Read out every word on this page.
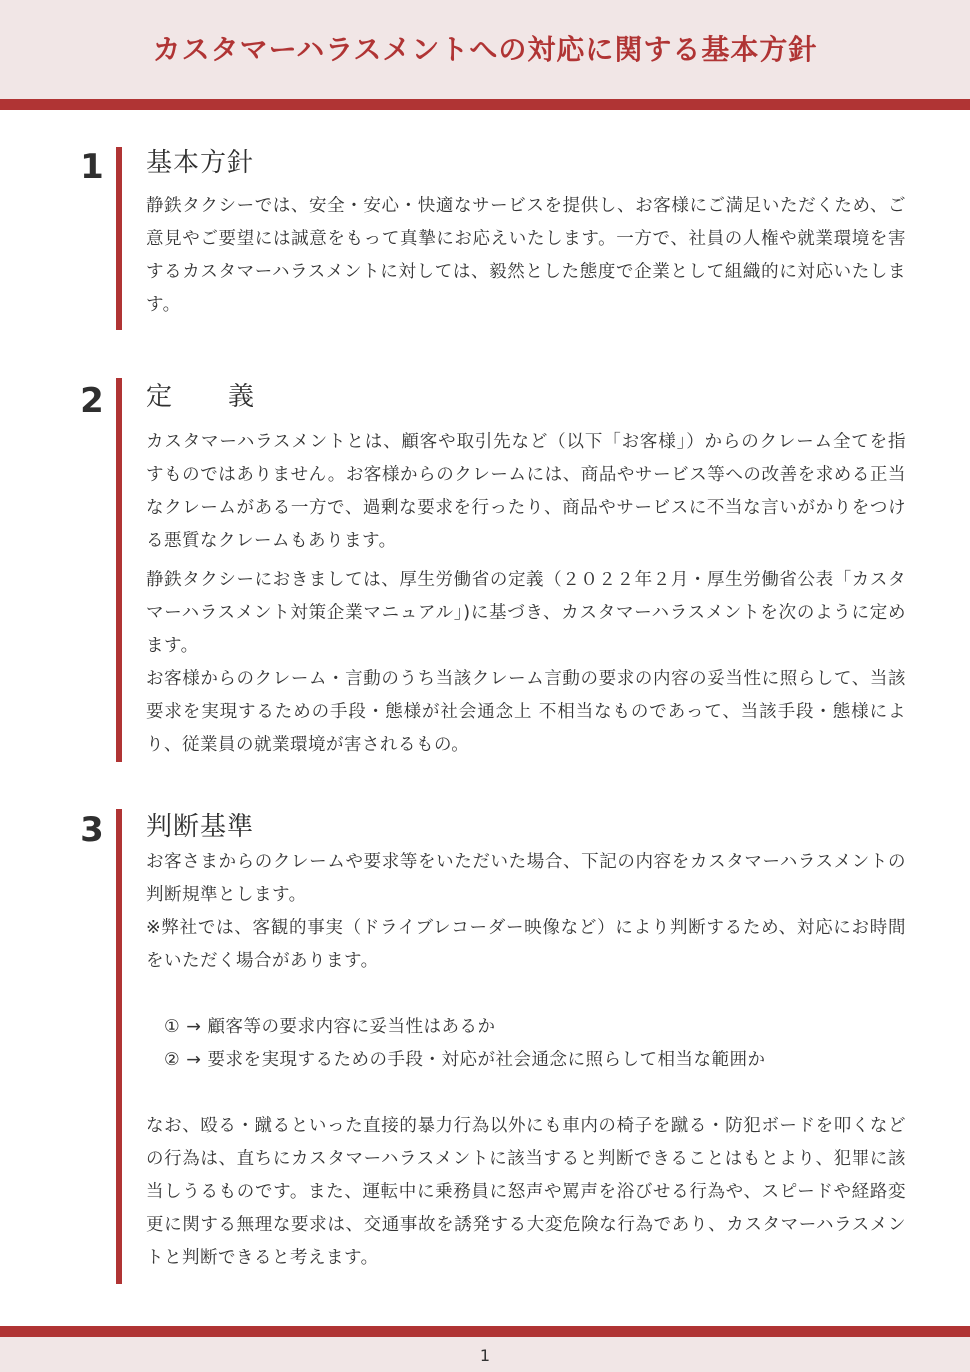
カスタマーハラスメントへの対応に関する基本方針
1	基本方針

静鉄タクシーでは、安全・安心・快適なサービスを提供し、お客様にご満足いただくため、ご意見やご要望には誠意をもって真摯にお応えいたします。一方で、社員の人権や就業環境を害するカスタマーハラスメントに対しては、毅然とした態度で企業として組織的に対応いたします。

2	定義

カスタマーハラスメントとは、顧客や取引先など（以下「お客様」）からのクレーム全てを指すものではありません。お客様からのクレームには、商品やサービス等への改善を求める正当なクレームがある一方で、過剰な要求を行ったり、商品やサービスに不当な言いがかりをつける悪質なクレームもあります。

静鉄タクシーにおきましては、厚生労働省の定義（２０２２年２月・厚生労働省公表「カスタマーハラスメント対策企業マニュアル」)に基づき、カスタマーハラスメントを次のように定めます。

お客様からのクレーム・言動のうち当該クレーム言動の要求の内容の妥当性に照らして、当該要求を実現するための手段・態様が社会通念上 不相当なものであって、当該手段・態様により、従業員の就業環境が害されるもの。

3	判断基準

お客さまからのクレームや要求等をいただいた場合、下記の内容をカスタマーハラスメントの判断規準とします。

※弊社では、客観的事実（ドライブレコーダー映像など）により判断するため、対応にお時間をいただく場合があります。

① → 顧客等の要求内容に妥当性はあるか
② → 要求を実現するための手段・対応が社会通念に照らして相当な範囲か

なお、殴る・蹴るといった直接的暴力行為以外にも車内の椅子を蹴る・防犯ボードを叩くなどの行為は、直ちにカスタマーハラスメントに該当すると判断できることはもとより、犯罪に該当しうるものです。また、運転中に乗務員に怒声や罵声を浴びせる行為や、スピードや経路変更に関する無理な要求は、交通事故を誘発する大変危険な行為であり、カスタマーハラスメントと判断できると考えます。

1
